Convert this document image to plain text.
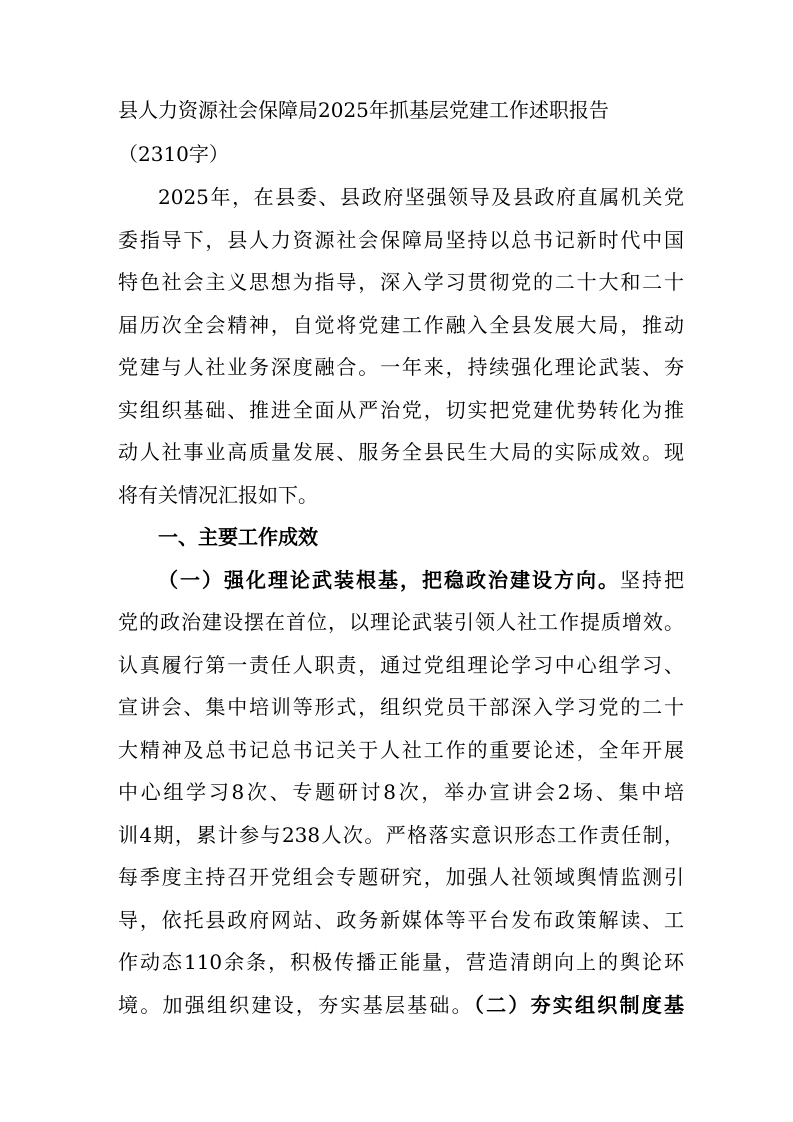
县人力资源社会保障局2025年抓基层党建工作述职报告

（2310字）

2025年，在县委、县政府坚强领导及县政府直属机关党

委指导下，县人力资源社会保障局坚持以总书记新时代中国

特色社会主义思想为指导，深入学习贯彻党的二十大和二十

届历次全会精神，自觉将党建工作融入全县发展大局，推动

党建与人社业务深度融合。一年来，持续强化理论武装、夯

实组织基础、推进全面从严治党，切实把党建优势转化为推

动人社事业高质量发展、服务全县民生大局的实际成效。现

将有关情况汇报如下。

一、主要工作成效

（一）强化理论武装根基，把稳政治建设方向。坚持把

党的政治建设摆在首位，以理论武装引领人社工作提质增效。

认真履行第一责任人职责，通过党组理论学习中心组学习、

宣讲会、集中培训等形式，组织党员干部深入学习党的二十

大精神及总书记总书记关于人社工作的重要论述，全年开展

中心组学习8次、专题研讨8次，举办宣讲会2场、集中培

训4期，累计参与238人次。严格落实意识形态工作责任制，

每季度主持召开党组会专题研究，加强人社领域舆情监测引

导，依托县政府网站、政务新媒体等平台发布政策解读、工

作动态110余条，积极传播正能量，营造清朗向上的舆论环

境。加强组织建设，夯实基层基础。（二）夯实组织制度基
